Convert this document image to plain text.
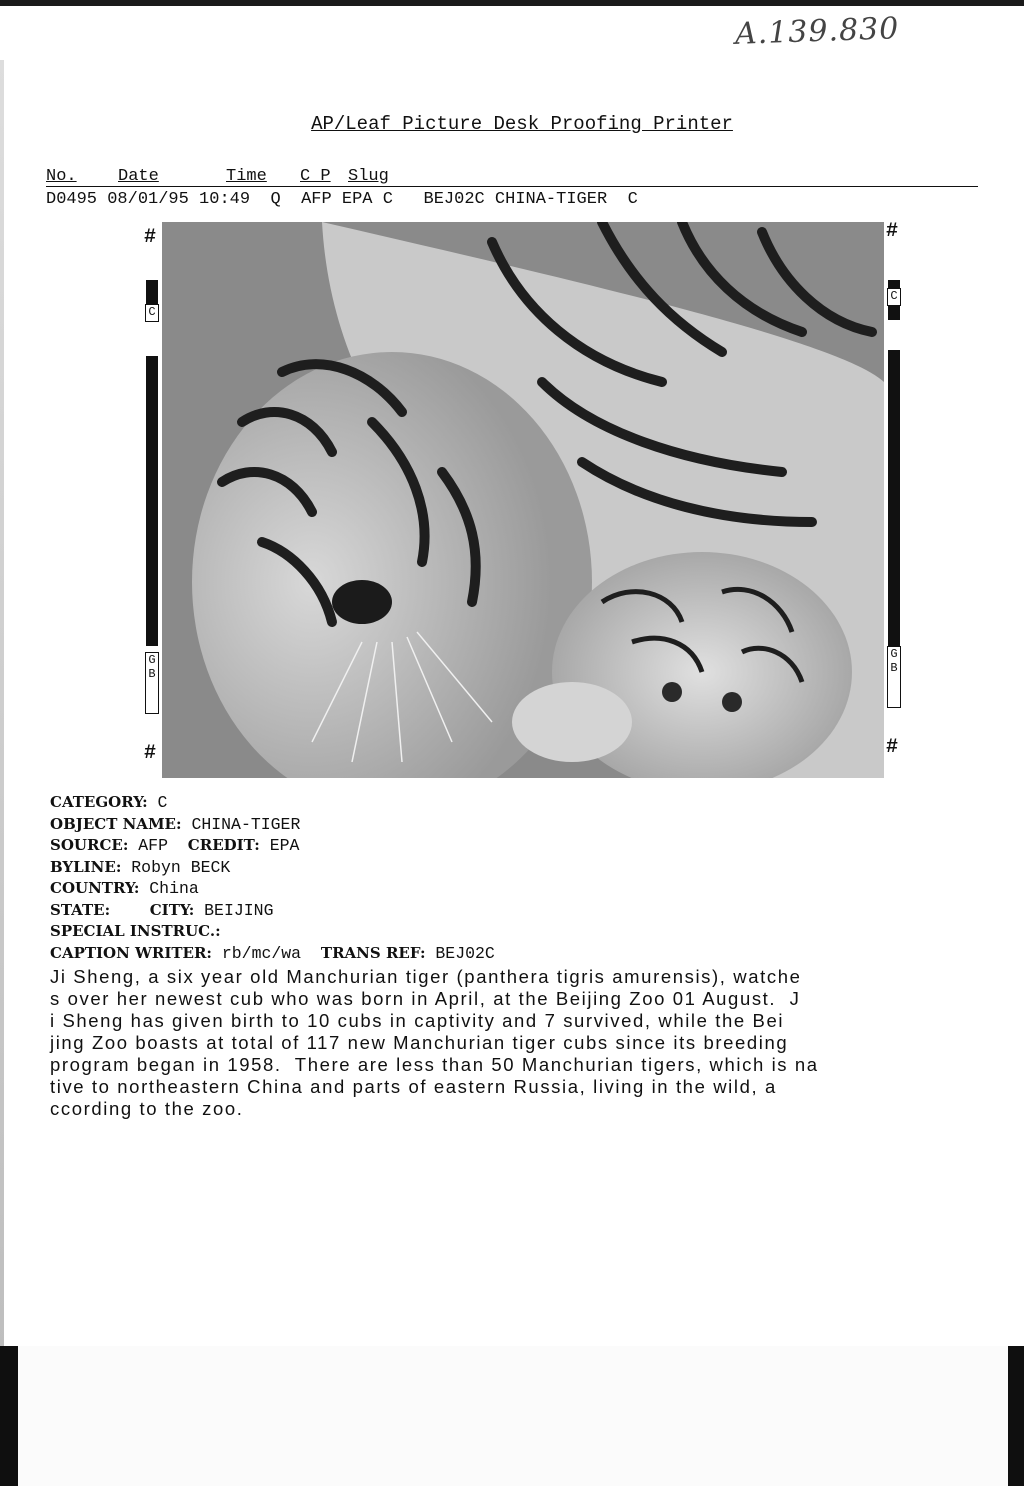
A.139.830
AP/Leaf Picture Desk Proofing Printer
No. Date	Time C P Slug
D0495 08/01/95 10:49 Q AFP EPA C BEJ02C CHINA-TIGER C
#	#
#	#
C
G B
C
G B
CATEGORY: C
OBJECT NAME: CHINA-TIGER
SOURCE: AFP CREDIT: EPA
BYLINE: Robyn BECK
COUNTRY: China
STATE:	CITY: BEIJING
SPECIAL INSTRUC.:
CAPTION WRITER: rb/mc/wa TRANS REF: BEJ02C
Ji Sheng, a six year old Manchurian tiger (panthera tigris amurensis), watche
s over her newest cub who was born in April, at the Beijing Zoo 01 August.  J
i Sheng has given birth to 10 cubs in captivity and 7 survived, while the Bei
jing Zoo boasts at total of 117 new Manchurian tiger cubs since its breeding
program began in 1958.  There are less than 50 Manchurian tigers, which is na
tive to northeastern China and parts of eastern Russia, living in the wild, a
ccording to the zoo.
